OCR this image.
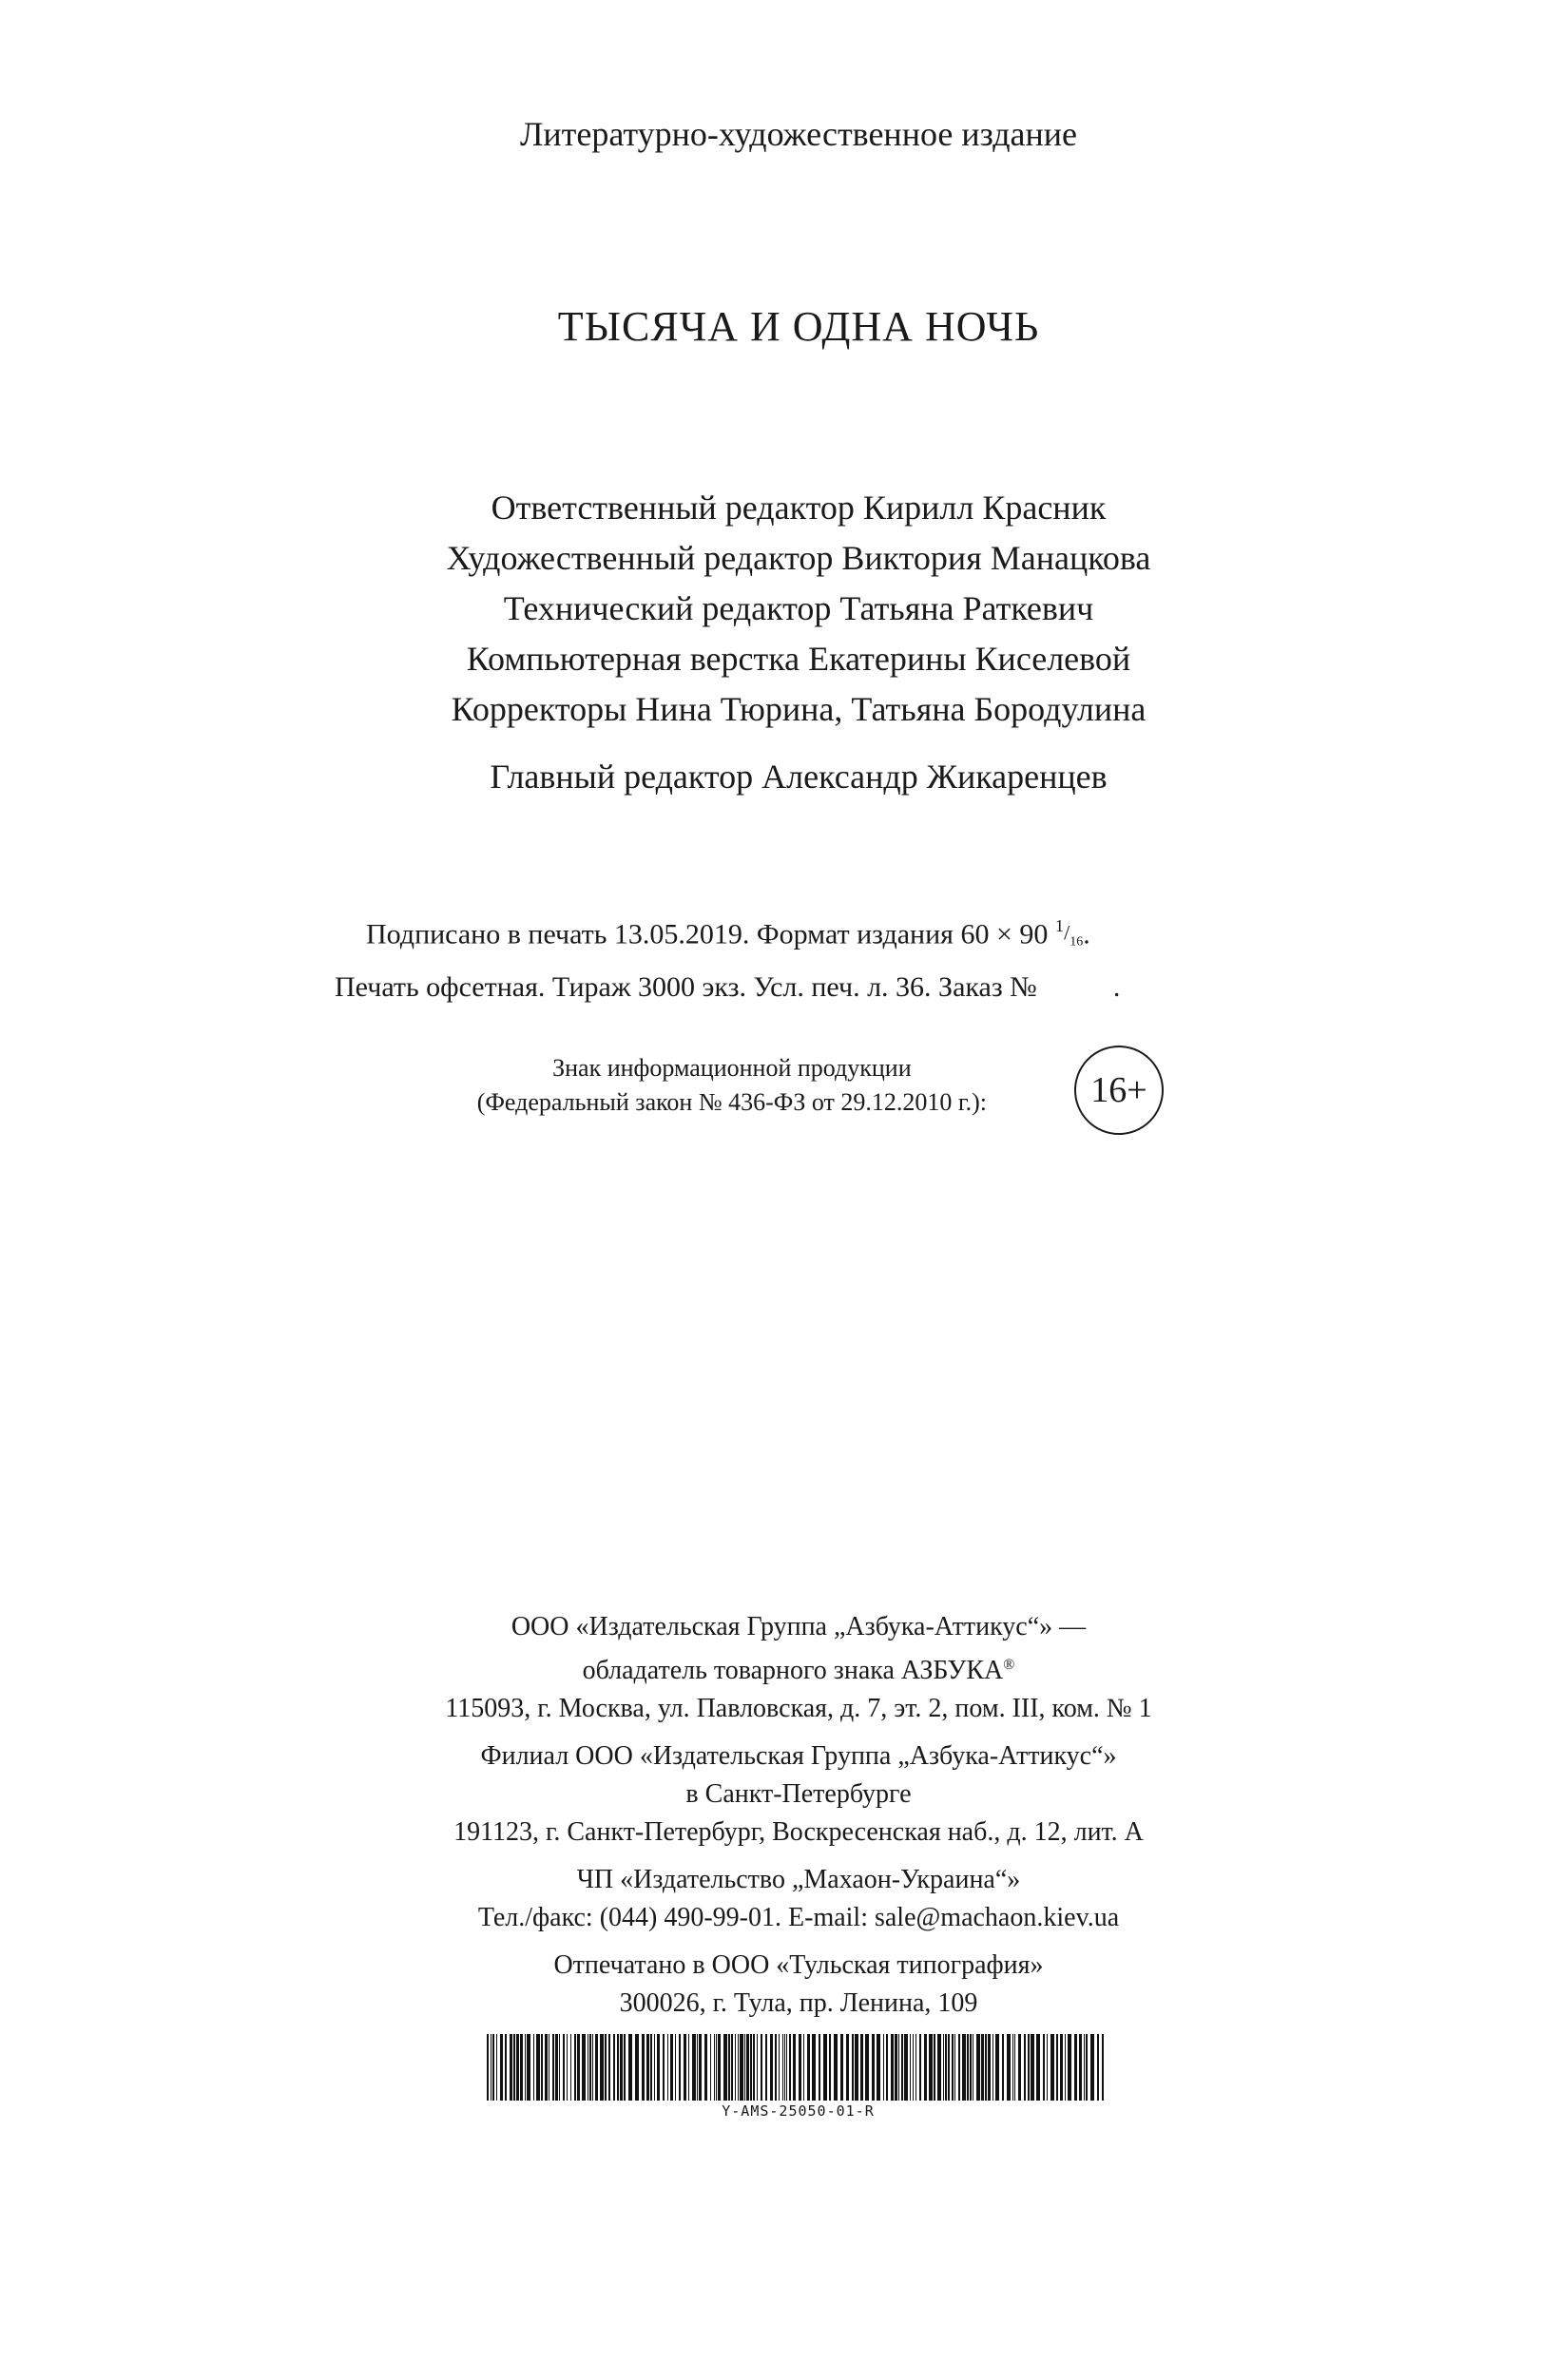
Литературно-художественное издание
ТЫСЯЧА И ОДНА НОЧЬ
Ответственный редактор Кирилл Красник
Художественный редактор Виктория Манацкова
Технический редактор Татьяна Раткевич
Компьютерная верстка Екатерины Киселевой
Корректоры Нина Тюрина, Татьяна Бородулина
Главный редактор Александр Жикаренцев
Подписано в печать 13.05.2019. Формат издания 60 × 90 $^1/_{16}$.
Печать офсетная. Тираж 3000 экз. Усл. печ. л. 36. Заказ №	.
Знак информационной продукции
(Федеральный закон № 436-ФЗ от 29.12.2010 г.):	16+
ООО «Издательская Группа „Азбука-Аттикус“» —
обладатель товарного знака АЗБУКА®
115093, г. Москва, ул. Павловская, д. 7, эт. 2, пом. III, ком. № 1
Филиал ООО «Издательская Группа „Азбука-Аттикус“»
в Санкт-Петербурге
191123, г. Санкт-Петербург, Воскресенская наб., д. 12, лит. А
ЧП «Издательство „Махаон-Украина“»
Тел./факс: (044) 490-99-01. E-mail: sale@machaon.kiev.ua
Отпечатано в ООО «Тульская типография»
300026, г. Тула, пр. Ленина, 109
Y-AMS-25050-01-R
